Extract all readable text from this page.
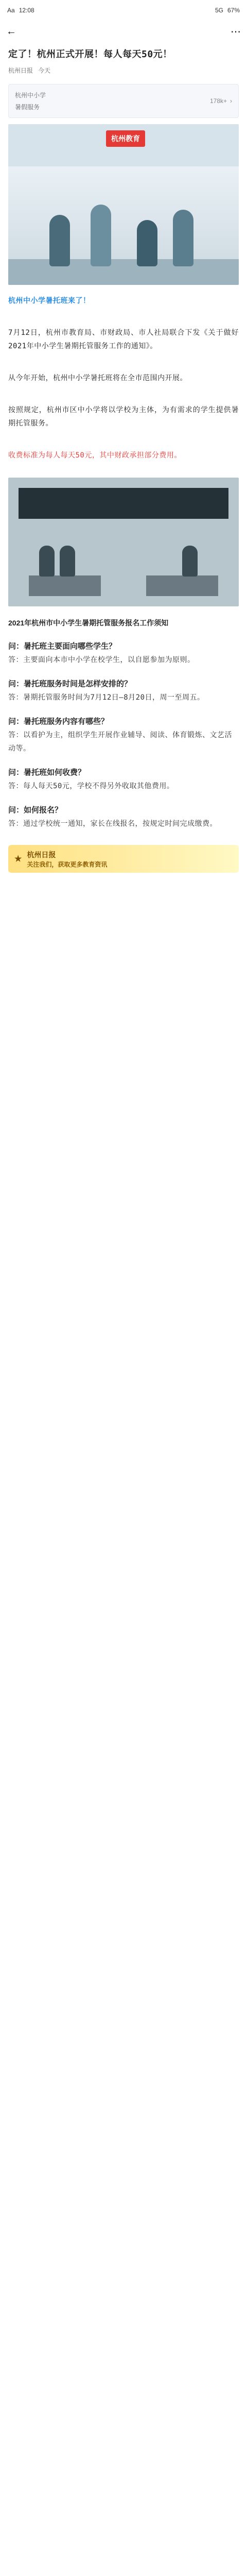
Aa 12:08	5G 67%
←	⋯
定了！杭州正式开展！每人每天50元！
杭州日报 今天
杭州中小学
暑假服务
178k+ ›
杭州教育
杭州中小学暑托班来了！
7月12日，杭州市教育局、市财政局、市人社局联合下发《关于做好2021年中小学生暑期托管服务工作的通知》。
从今年开始，杭州中小学暑托班将在全市范围内开展。
按照规定，杭州市区中小学将以学校为主体，为有需求的学生提供暑期托管服务。
收费标准为每人每天50元，其中财政承担部分费用。
2021年杭州市中小学生暑期托管服务报名工作须知
问：暑托班主要面向哪些学生？
答：主要面向本市中小学在校学生，以自愿参加为原则。
问：暑托班服务时间是怎样安排的？
答：暑期托管服务时间为7月12日—8月20日，周一至周五。
问：暑托班服务内容有哪些？
答：以看护为主，组织学生开展作业辅导、阅读、体育锻炼、文艺活动等。
问：暑托班如何收费？
答：每人每天50元，学校不得另外收取其他费用。
问：如何报名？
答：通过学校统一通知，家长在线报名，按规定时间完成缴费。
★
杭州日报
关注我们，获取更多教育资讯
